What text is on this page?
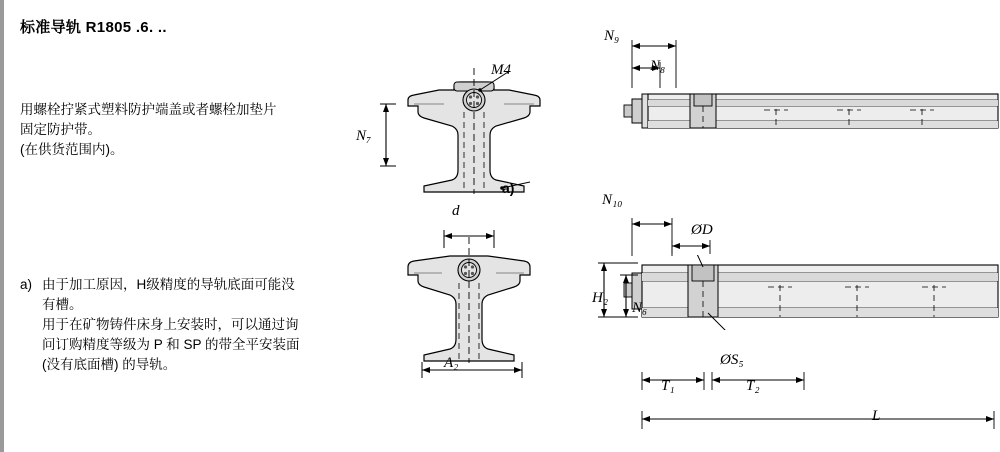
标准导轨 R1805 .6. ..
用螺栓拧紧式塑料防护端盖或者螺栓加垫片
固定防护带。
(在供货范围内)。
a) 由于加工原因，H级精度的导轨底面可能没
有槽。
用于在矿物铸件床身上安装时，可以通过询
问订购精度等级为 P 和 SP 的带全平安装面
(没有底面槽) 的导轨。
M4
a)
N₇
d
A₂
N₉
N₈
ØD
ØS₅
N₁₀
H₂
N₆
T₁	T₂
L
